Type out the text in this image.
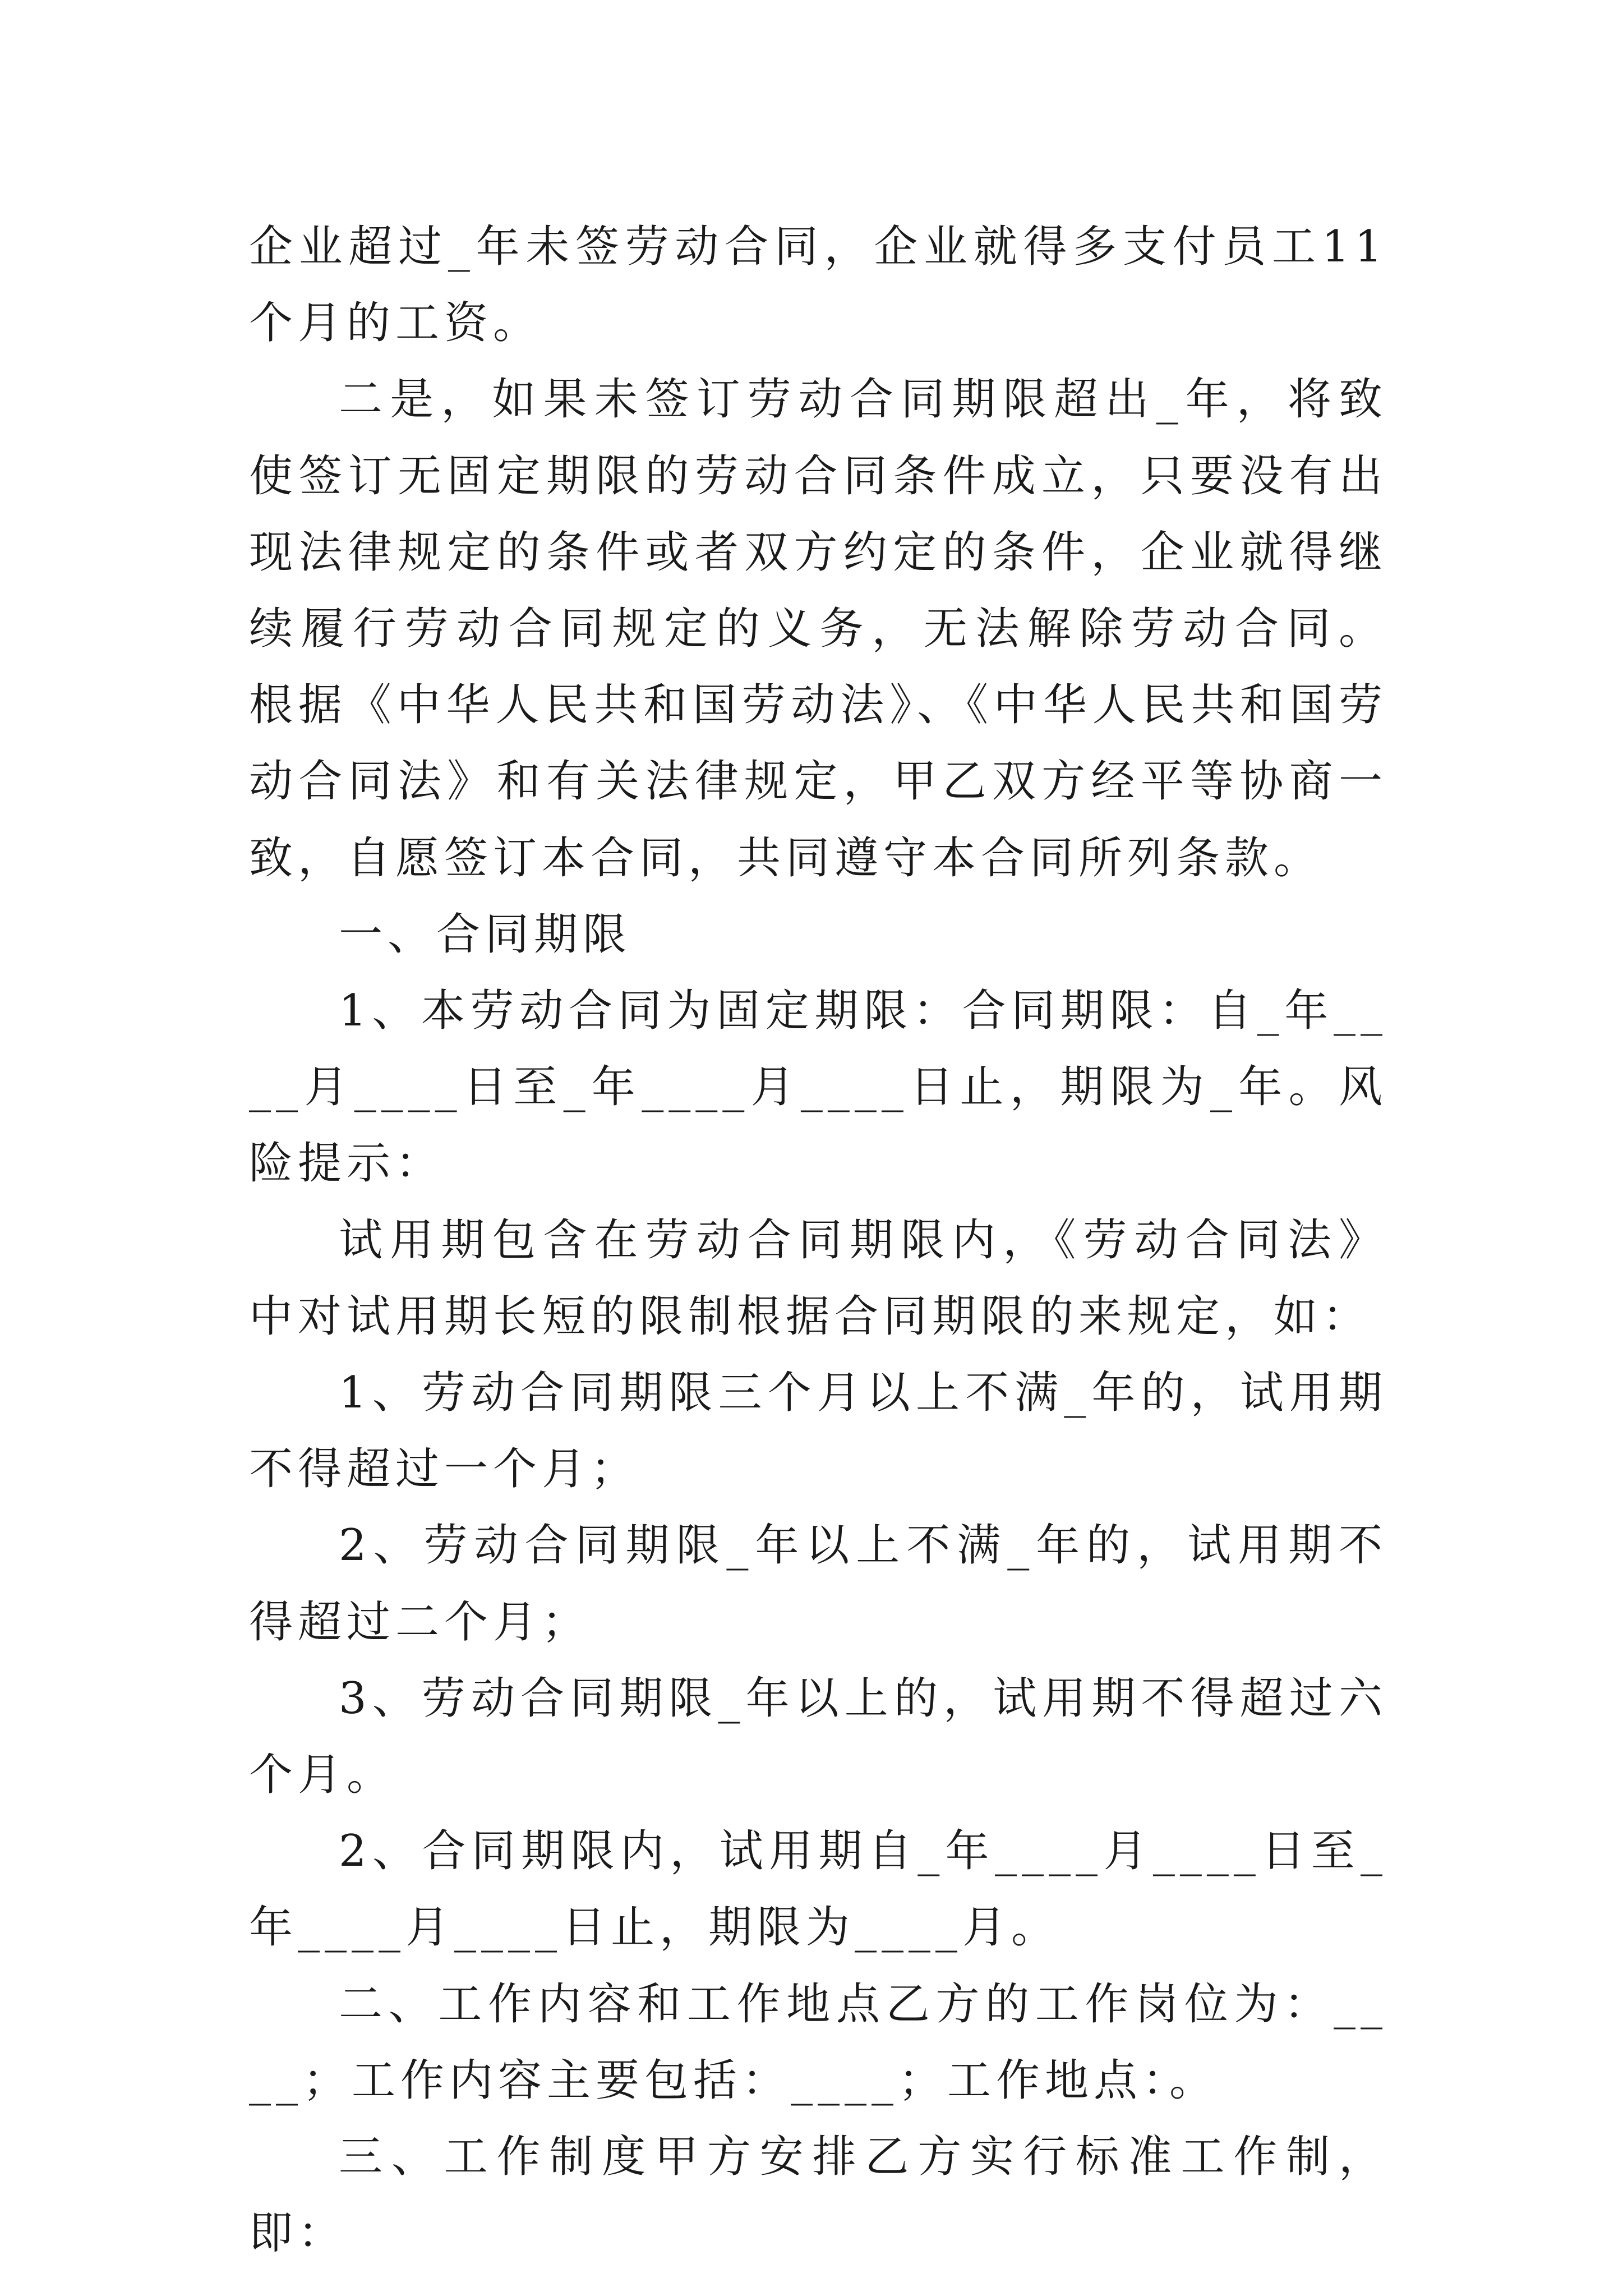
企业超过_年未签劳动合同，企业就得多支付员工11个月的工资。

二是，如果未签订劳动合同期限超出_年，将致使签订无固定期限的劳动合同条件成立，只要没有出现法律规定的条件或者双方约定的条件，企业就得继续履行劳动合同规定的义务，无法解除劳动合同。 根据《中华人民共和国劳动法》、《中华人民共和国劳动合同法》和有关法律规定，甲乙双方经平等协商一致，自愿签订本合同，共同遵守本合同所列条款。

一、合同期限

1、本劳动合同为固定期限：合同期限：自_年____月____日至_年____月____日止，期限为_年。风险提示：

试用期包含在劳动合同期限内，《劳动合同法》中对试用期长短的限制根据合同期限的来规定，如：

1、劳动合同期限三个月以上不满_年的，试用期不得超过一个月；

2、劳动合同期限_年以上不满_年的，试用期不得超过二个月；

3、劳动合同期限_年以上的，试用期不得超过六个月。

2、合同期限内，试用期自_年____月____日至_年____月____日止，期限为____月。

二、工作内容和工作地点乙方的工作岗位为：____；工作内容主要包括：____；工作地点：。

三、工作制度甲方安排乙方实行标准工作制，即：
